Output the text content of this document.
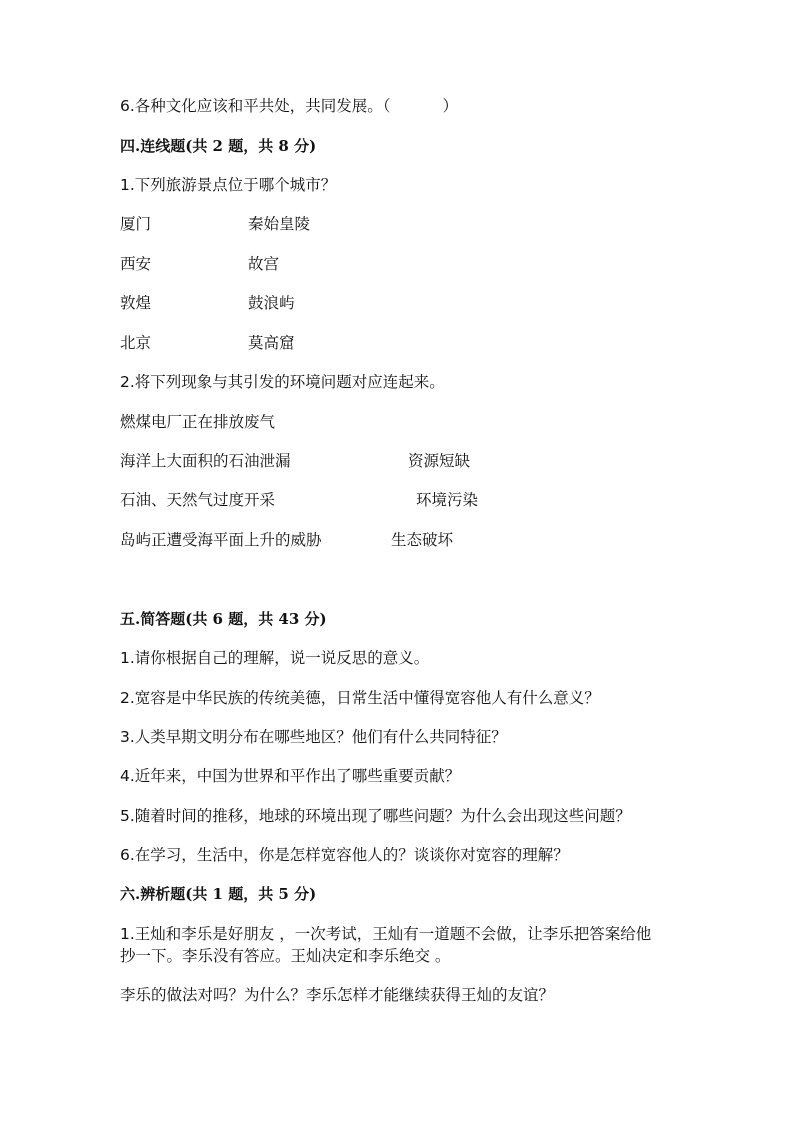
6.各种文化应该和平共处，共同发展。（	）
四.连线题(共 2 题，共 8 分)
1.下列旅游景点位于哪个城市？
厦门	秦始皇陵
西安	故宫
敦煌	鼓浪屿
北京	莫高窟
2.将下列现象与其引发的环境问题对应连起来。
燃煤电厂正在排放废气
海洋上大面积的石油泄漏	资源短缺
石油、天然气过度开采	环境污染
岛屿正遭受海平面上升的威胁	生态破坏
五.简答题(共 6 题，共 43 分)
1.请你根据自己的理解，说一说反思的意义。
2.宽容是中华民族的传统美德，日常生活中懂得宽容他人有什么意义？
3.人类早期文明分布在哪些地区？他们有什么共同特征？
4.近年来，中国为世界和平作出了哪些重要贡献？
5.随着时间的推移，地球的环境出现了哪些问题？为什么会出现这些问题？
6.在学习，生活中，你是怎样宽容他人的？谈谈你对宽容的理解？
六.辨析题(共 1 题，共 5 分)
1.王灿和李乐是好朋友 ，一次考试，王灿有一道题不会做，让李乐把答案给他
抄一下。李乐没有答应。王灿决定和李乐绝交 。
李乐的做法对吗？为什么？李乐怎样才能继续获得王灿的友谊？
